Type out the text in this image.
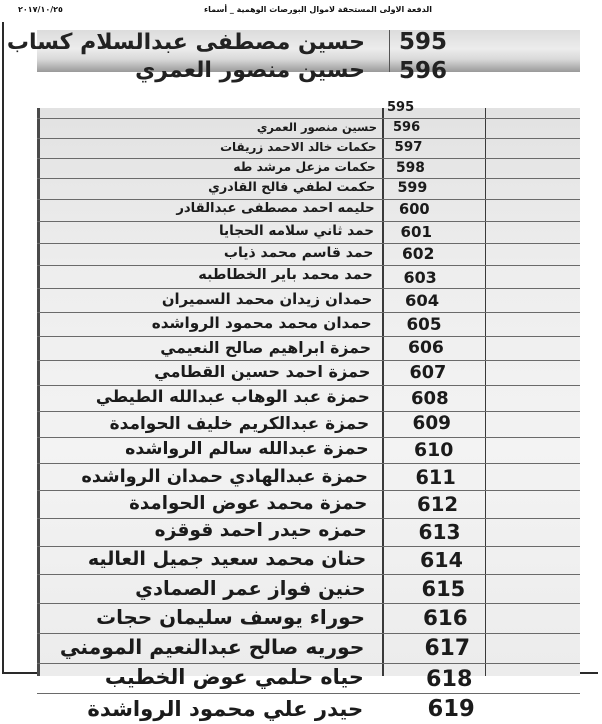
٢٠١٧/١٠/٢٥	الدفعة الاولى المستحقة لاموال البورصات الوهمية _ أسماء
595
حسين مصطفى عبدالسلام كساب
596
حسين منصور العمري
595
596
حسين منصور العمري
597
حكمات خالد الاحمد زريقات
598
حكمات مزعل مرشد طه
599
حكمت لطفي فالح القادري
600
حليمه احمد مصطفى عبدالقادر
601
حمد ثاني سلامه الحجايا
602
حمد قاسم محمد ذياب
603
حمد محمد باير الخطاطبه
604
حمدان زيدان محمد السميران
605
حمدان محمد محمود الرواشده
606
حمزة ابراهيم صالح النعيمي
607
حمزة احمد حسين القطامي
608
حمزة عبد الوهاب عبدالله الطيطي
609
حمزة عبدالكريم خليف الحوامدة
610
حمزة عبدالله سالم الرواشده
611
حمزة عبدالهادي حمدان الرواشده
612
حمزة محمد عوض الحوامدة
613
حمزه حيدر احمد قوقزه
614
حنان محمد سعيد جميل العاليه
615
حنين فواز عمر الصمادي
616
حوراء يوسف سليمان حجات
617
حوريه صالح عبدالنعيم المومني
618
حياه حلمي عوض الخطيب
619
حيدر علي محمود الرواشدة
